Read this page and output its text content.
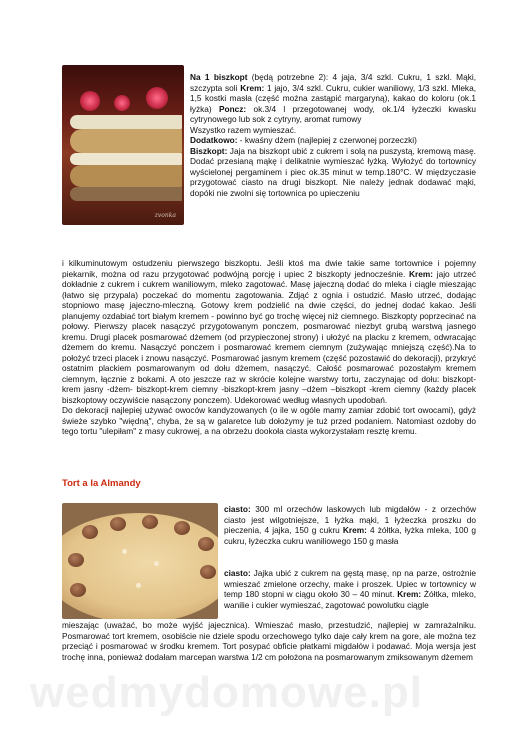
zvonka

Na 1 biszkopt (będą potrzebne 2): 4 jaja, 3/4 szkl. Cukru, 1 szkl. Mąki, szczypta soli Krem: 1 jajo, 3/4 szkl. Cukru, cukier waniliowy, 1/3 szkl. Mleka, 1,5 kostki masła (część można zastąpić margaryną), kakao do koloru (ok.1 łyżka) Poncz: ok.3/4 l przegotowanej wody, ok.1/4 łyżeczki kwasku cytrynowego lub sok z cytryny, aromat rumowy

Wszystko razem wymieszać.

Dodatkowo: - kwaśny dżem (najlepiej z czerwonej porzeczki)

Biszkopt: Jaja na biszkopt ubić z cukrem i solą na puszystą, kremową masę. Dodać przesianą mąkę i delikatnie wymieszać łyżką. Wyłożyć do tortownicy wyścielonej pergaminem i piec ok.35 minut w temp.180°C. W międzyczasie przygotować ciasto na drugi biszkopt. Nie należy jednak dodawać mąki, dopóki nie zwolni się tortownica po upieczeniu

i kilkuminutowym ostudzeniu pierwszego biszkoptu. Jeśli ktoś ma dwie takie same tortownice i pojemny piekarnik, można od razu przygotować podwójną porcję i upiec 2 biszkopty jednocześnie. Krem: jajo utrzeć dokładnie z cukrem i cukrem waniliowym, mleko zagotować. Masę jajeczną dodać do mleka i ciągle mieszając (łatwo się przypala) poczekać do momentu zagotowania. Zdjąć z ognia i ostudzić. Masło utrzeć, dodając stopniowo masę jajeczno-mleczną. Gotowy krem podzielić na dwie części, do jednej dodać kakao. Jeśli planujemy ozdabiać tort białym kremem - powinno być go trochę więcej niż ciemnego. Biszkopty poprzecinać na połowy. Pierwszy placek nasączyć przygotowanym ponczem, posmarować niezbyt grubą warstwą jasnego kremu. Drugi placek posmarować dżemem (od przypieczonej strony) i ułożyć na placku z kremem, odwracając dżemem do kremu. Nasączyć ponczem i posmarować kremem ciemnym (zużywając mniejszą część).Na to położyć trzeci placek i znowu nasączyć. Posmarować jasnym kremem (część pozostawić do dekoracji), przykryć ostatnim plackiem posmarowanym od dołu dżemem, nasączyć. Całość posmarować pozostałym kremem ciemnym, łącznie z bokami. A oto jeszcze raz w skrócie kolejne warstwy tortu, zaczynając od dołu: biszkopt-krem jasny -dżem- biszkopt-krem ciemny -biszkopt-krem jasny –dżem –biszkopt -krem ciemny (każdy placek biszkoptowy oczywiście nasączony ponczem). Udekorować według własnych upodobań.

Do dekoracji najlepiej używać owoców kandyzowanych (o ile w ogóle mamy zamiar zdobić tort owocami), gdyż świeże szybko "więdną", chyba, że są w galaretce lub dołożymy je tuż przed podaniem. Natomiast ozdoby do tego tortu "ulepiłam" z masy cukrowej, a na obrzeżu dookoła ciasta wykorzystałam resztę kremu.

Tort a la Almandy

ciasto: 300 ml orzechów laskowych lub migdałów - z orzechów ciasto jest wilgotniejsze, 1 łyżka mąki, 1 łyżeczka proszku do pieczenia, 4 jajka, 150 g cukru Krem: 4 żółtka, łyżka mleka, 100 g cukru, łyżeczka cukru waniliowego 150 g masła

ciasto: Jajka ubić z cukrem na gęstą masę, np na parze, ostrożnie wmieszać zmielone orzechy, make i proszek. Upiec w tortownicy w temp 180 stopni w ciągu około 30 – 40 minut. Krem: Żółtka, mleko, wanilie i cukier wymieszać, zagotować powolutku ciągle

mieszając (uważać, bo może wyjść jajecznica). Wmieszać masło, przestudzić, najlepiej w zamrażalniku. Posmarować tort kremem, osobiście nie dziele spodu orzechowego tylko daje cały krem na gore, ale można tez przeciąć i posmarować w środku kremem. Tort posypać obficie płatkami migdałów i podawać. Moja wersja jest trochę inna, ponieważ dodałam marcepan warstwa 1/2 cm położona na posmarowanym zmiksowanym dżemem
wedmydomowe.pl
